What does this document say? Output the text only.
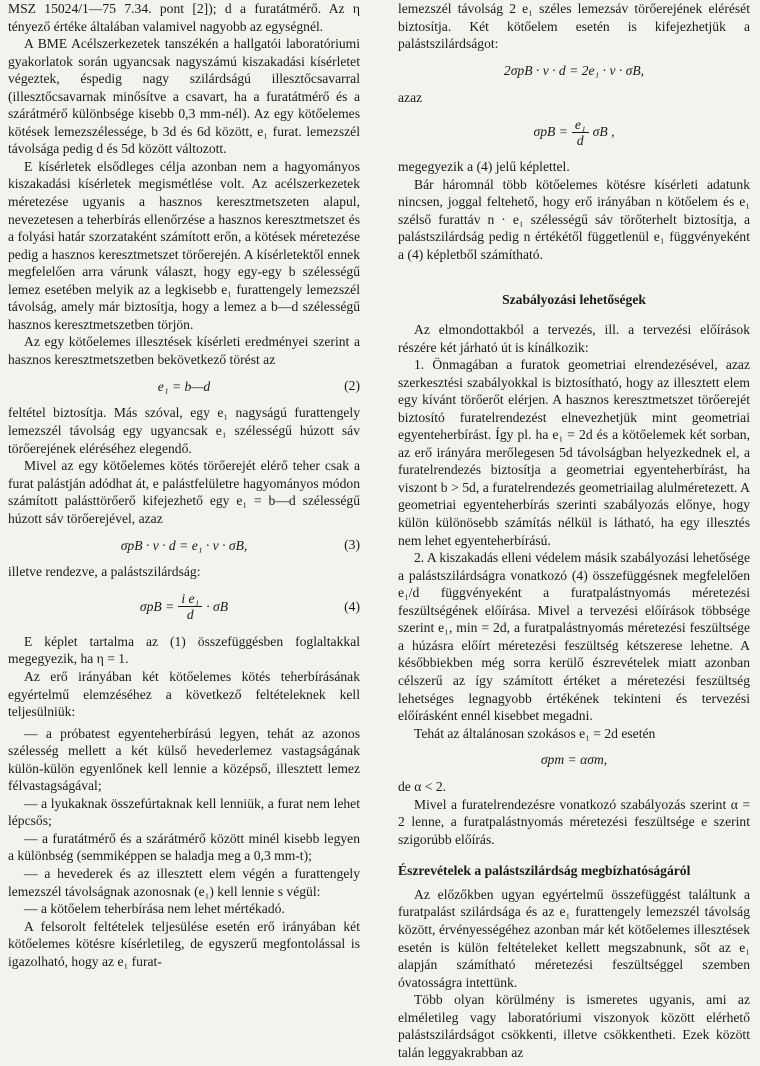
MSZ 15024/1—75 7.34. pont [2]); d a furatátmérő. Az η tényező értéke általában valamivel nagyobb az egységnél.

A BME Acélszerkezetek tanszékén a hallgatói laboratóriumi gyakorlatok során ugyancsak nagyszámú kiszakadási kísérletet végeztek, éspedig nagy szilárdságú illesztőcsavarral (illesztőcsavarnak minősítve a csavart, ha a furatátmérő és a szárátmérő különbsége kisebb 0,3 mm-nél). Az egy kötőelemes kötések lemezszélessége, b 3d és 6d között, e₁ furat. lemezszél távolsága pedig d és 5d között változott.

E kísérletek elsődleges célja azonban nem a hagyományos kiszakadási kísérletek megismétlése volt. Az acélszerkezetek méretezése ugyanis a hasznos keresztmetszeten alapul, nevezetesen a teherbírás ellenőrzése a hasznos keresztmetszet és a folyási határ szorzataként számított erőn, a kötések méretezése pedig a hasznos keresztmetszet törőerején. A kísérletektől ennek megfelelően arra várunk választ, hogy egy-egy b szélességű lemez esetében melyik az a legkisebb e₁ furattengely lemezszél távolság, amely már biztosítja, hogy a lemez a b—d szélességű hasznos keresztmetszetben törjön.

Az egy kötőelemes illesztések kísérleti eredményei szerint a hasznos keresztmetszetben bekövetkező törést az

e₁ = b—d	(2)

feltétel biztosítja. Más szóval, egy e₁ nagyságú furattengely lemezszél távolság egy ugyancsak e₁ szélességű húzott sáv törőerejének eléréséhez elegendő.

Mivel az egy kötőelemes kötés törőerejét elérő teher csak a furat palástján adódhat át, e palástfelületre hagyományos módon számított palásttörőerő kifejezhető egy e₁ = b—d szélességű húzott sáv törőerejével, azaz

σpB · v · d = e₁ · v · σB,	(3)

illetve rendezve, a palástszilárdság:

$\sigma pB = \frac{\text{i e₁}}{d} \cdot \sigma B$	(4)

E képlet tartalma az (1) összefüggésben foglaltakkal megegyezik, ha η = 1.

Az erő irányában két kötőelemes kötés teherbírásának egyértelmű elemzéséhez a következő feltételeknek kell teljesülniük:

— a próbatest egyenteherbírású legyen, tehát az azonos szélesség mellett a két külső hevederlemez vastagságának külön-külön egyenlőnek kell lennie a középső, illesztett lemez félvastagságával;

— a lyukaknak összefúrtaknak kell lenniük, a furat nem lehet lépcsős;

— a furatátmérő és a szárátmérő között minél kisebb legyen a különbség (semmiképpen se haladja meg a 0,3 mm-t);

— a hevederek és az illesztett elem végén a furattengely lemezszél távolságnak azonosnak (e₁) kell lennie s végül:

— a kötőelem teherbírása nem lehet mértékadó.

A felsorolt feltételek teljesülése esetén erő irányában két kötőelemes kötésre kísérletileg, de egyszerű megfontolással is igazolható, hogy az e₁ furat-

lemezszél távolság 2 e₁ széles lemezsáv törőerejének elérését biztosítja. Két kötőelem esetén is kifejezhetjük a palástszilárdságot:

2σpB · v · d = 2e₁ · v · σB,

azaz

$\sigma pB = \frac{\text{e₁}}{d}$ σB ,

megegyezik a (4) jelű képlettel.

Bár háromnál több kötőelemes kötésre kísérleti adatunk nincsen, joggal feltehető, hogy erő irányában n kötőelem és e₁ szélső furattáv n · e₁ szélességű sáv törőterhelt biztosítja, a palástszilárdság pedig n értékétől függetlenül e₁ függvényeként a (4) képletből számítható.

Szabályozási lehetőségek

Az elmondottakból a tervezés, ill. a tervezési előírások részére két járható út is kínálkozik:

1. Önmagában a furatok geometriai elrendezésével, azaz szerkesztési szabályokkal is biztosítható, hogy az illesztett elem egy kívánt törőerőt elérjen. A hasznos keresztmetszet törőerejét biztosító furatelrendezést elnevezhetjük mint geometriai egyenteherbírást. Így pl. ha e₁ = 2d és a kötőelemek két sorban, az erő irányára merőlegesen 5d távolságban helyezkednek el, a furatelrendezés biztosítja a geometriai egyenteherbírást, ha viszont b > 5d, a furatelrendezés geometriailag alulméretezett. A geometriai egyenteherbírás szerinti szabályozás előnye, hogy külön különösebb számítás nélkül is látható, ha egy illesztés nem lehet egyenteherbírású.

2. A kiszakadás elleni védelem másik szabályozási lehetősége a palástszilárdságra vonatkozó (4) összefüggésnek megfelelően e₁/d függvényeként a furatpalástnyomás méretezési feszültségének előírása. Mivel a tervezési előírások többsége szerint e₁, min = 2d, a furatpalástnyomás méretezési feszültsége a húzásra előírt méretezési feszültség kétszerese lehetne. A későbbiekben még sorra kerülő észrevételek miatt azonban célszerű az így számított értéket a méretezési feszültség lehetséges legnagyobb értékének tekinteni és tervezési előírásként ennél kisebbet megadni.

Tehát az általánosan szokásos e₁ = 2d esetén

σpm = ασm,

de α < 2.

Mivel a furatelrendezésre vonatkozó szabályozás szerint α = 2 lenne, a furatpalástnyomás méretezési feszültsége e szerint szigorúbb előírás.

Észrevételek a palástszilárdság megbízhatóságáról

Az előzőkben ugyan egyértelmű összefüggést találtunk a furatpalást szilárdsága és az e₁ furattengely lemezszél távolság között, érvényességéhez azonban már két kötőelemes illesztések esetén is külön feltételeket kellett megszabnunk, sőt az e₁ alapján számítható méretezési feszültséggel szemben óvatosságra intettünk.

Több olyan körülmény is ismeretes ugyanis, ami az elméletileg vagy laboratóriumi viszonyok között elérhető palástszilárdságot csökkenti, illetve csökkentheti. Ezek között talán leggyakrabban az
